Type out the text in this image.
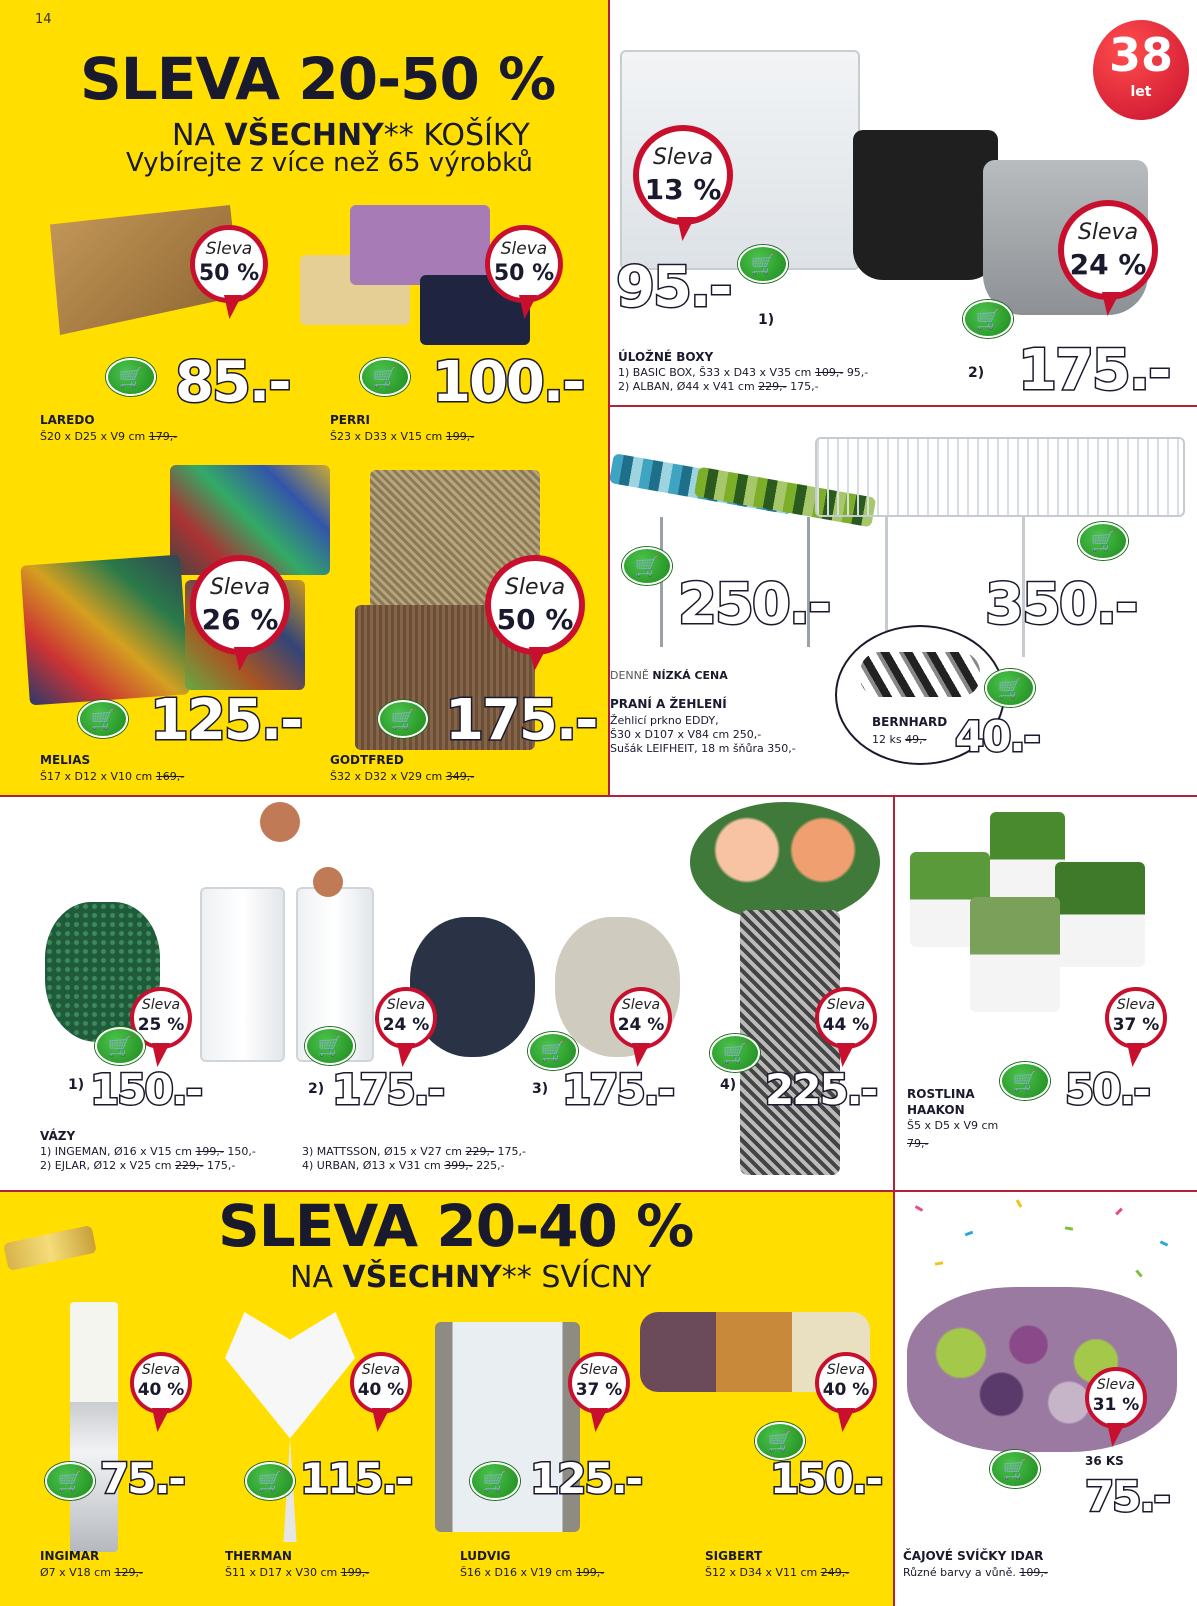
14
SLEVA 20-50 %
NA VŠECHNY** KOŠÍKY
Vybírejte z více než 65 výrobků
Sleva
50 %
🛒 85.-
LAREDO
Š20 x D25 x V9 cm 179,-
Sleva
50 %
🛒 100.-
PERRI
Š23 x D33 x V15 cm 199,-
Sleva
26 %
🛒 125.-
MELIAS
Š17 x D12 x V10 cm 169,-
Sleva
50 %
🛒 175.-
GODTFRED
Š32 x D32 x V29 cm 349,-
38
let
Sleva
13 %
Sleva
24 %
🛒
95.- 1)	🛒
2) 175.-
ÚLOŽNÉ BOXY
1) BASIC BOX, Š33 x D43 x V35 cm 109,- 95,-
2) ALBAN, Ø44 x V41 cm 229,- 175,-
🛒
250.-
🛒
350.-
DENNĚ NÍZKÁ CENA
PRANÍ A ŽEHLENÍ
Žehlicí prkno EDDY,
Š30 x D107 x V84 cm 250,-
Sušák LEIFHEIT, 18 m šňůra 350,-
🛒
BERNHARD
12 ks 49,- 40.-
Sleva
25 %
Sleva
24 %
Sleva
24 %
Sleva
44 %
🛒	🛒	🛒	🛒
1) 150.-	2) 175.-	3) 175.-	4) 225.-
VÁZY
1) INGEMAN, Ø16 x V15 cm 199,- 150,-
2) EJLAR, Ø12 x V25 cm 229,- 175,-
3) MATTSSON, Ø15 x V27 cm 229,- 175,-
4) URBAN, Ø13 x V31 cm 399,- 225,-
Sleva
37 %
🛒 50.-
ROSTLINA
HAAKON
Š5 x D5 x V9 cm
79,-
SLEVA 20-40 %
NA VŠECHNY** SVÍCNY
Sleva
40 %
Sleva
40 %
Sleva
37 %
Sleva
40 %
🛒 75.-	🛒 115.-	🛒 125.-
🛒
150.-
INGIMAR
Ø7 x V18 cm 129,-
THERMAN
Š11 x D17 x V30 cm 199,-
LUDVIG
Š16 x D16 x V19 cm 199,-
SIGBERT
Š12 x D34 x V11 cm 249,-
Sleva
31 %
🛒	36 KS
75.-
ČAJOVÉ SVÍČKY IDAR
Různé barvy a vůně. 109,-
